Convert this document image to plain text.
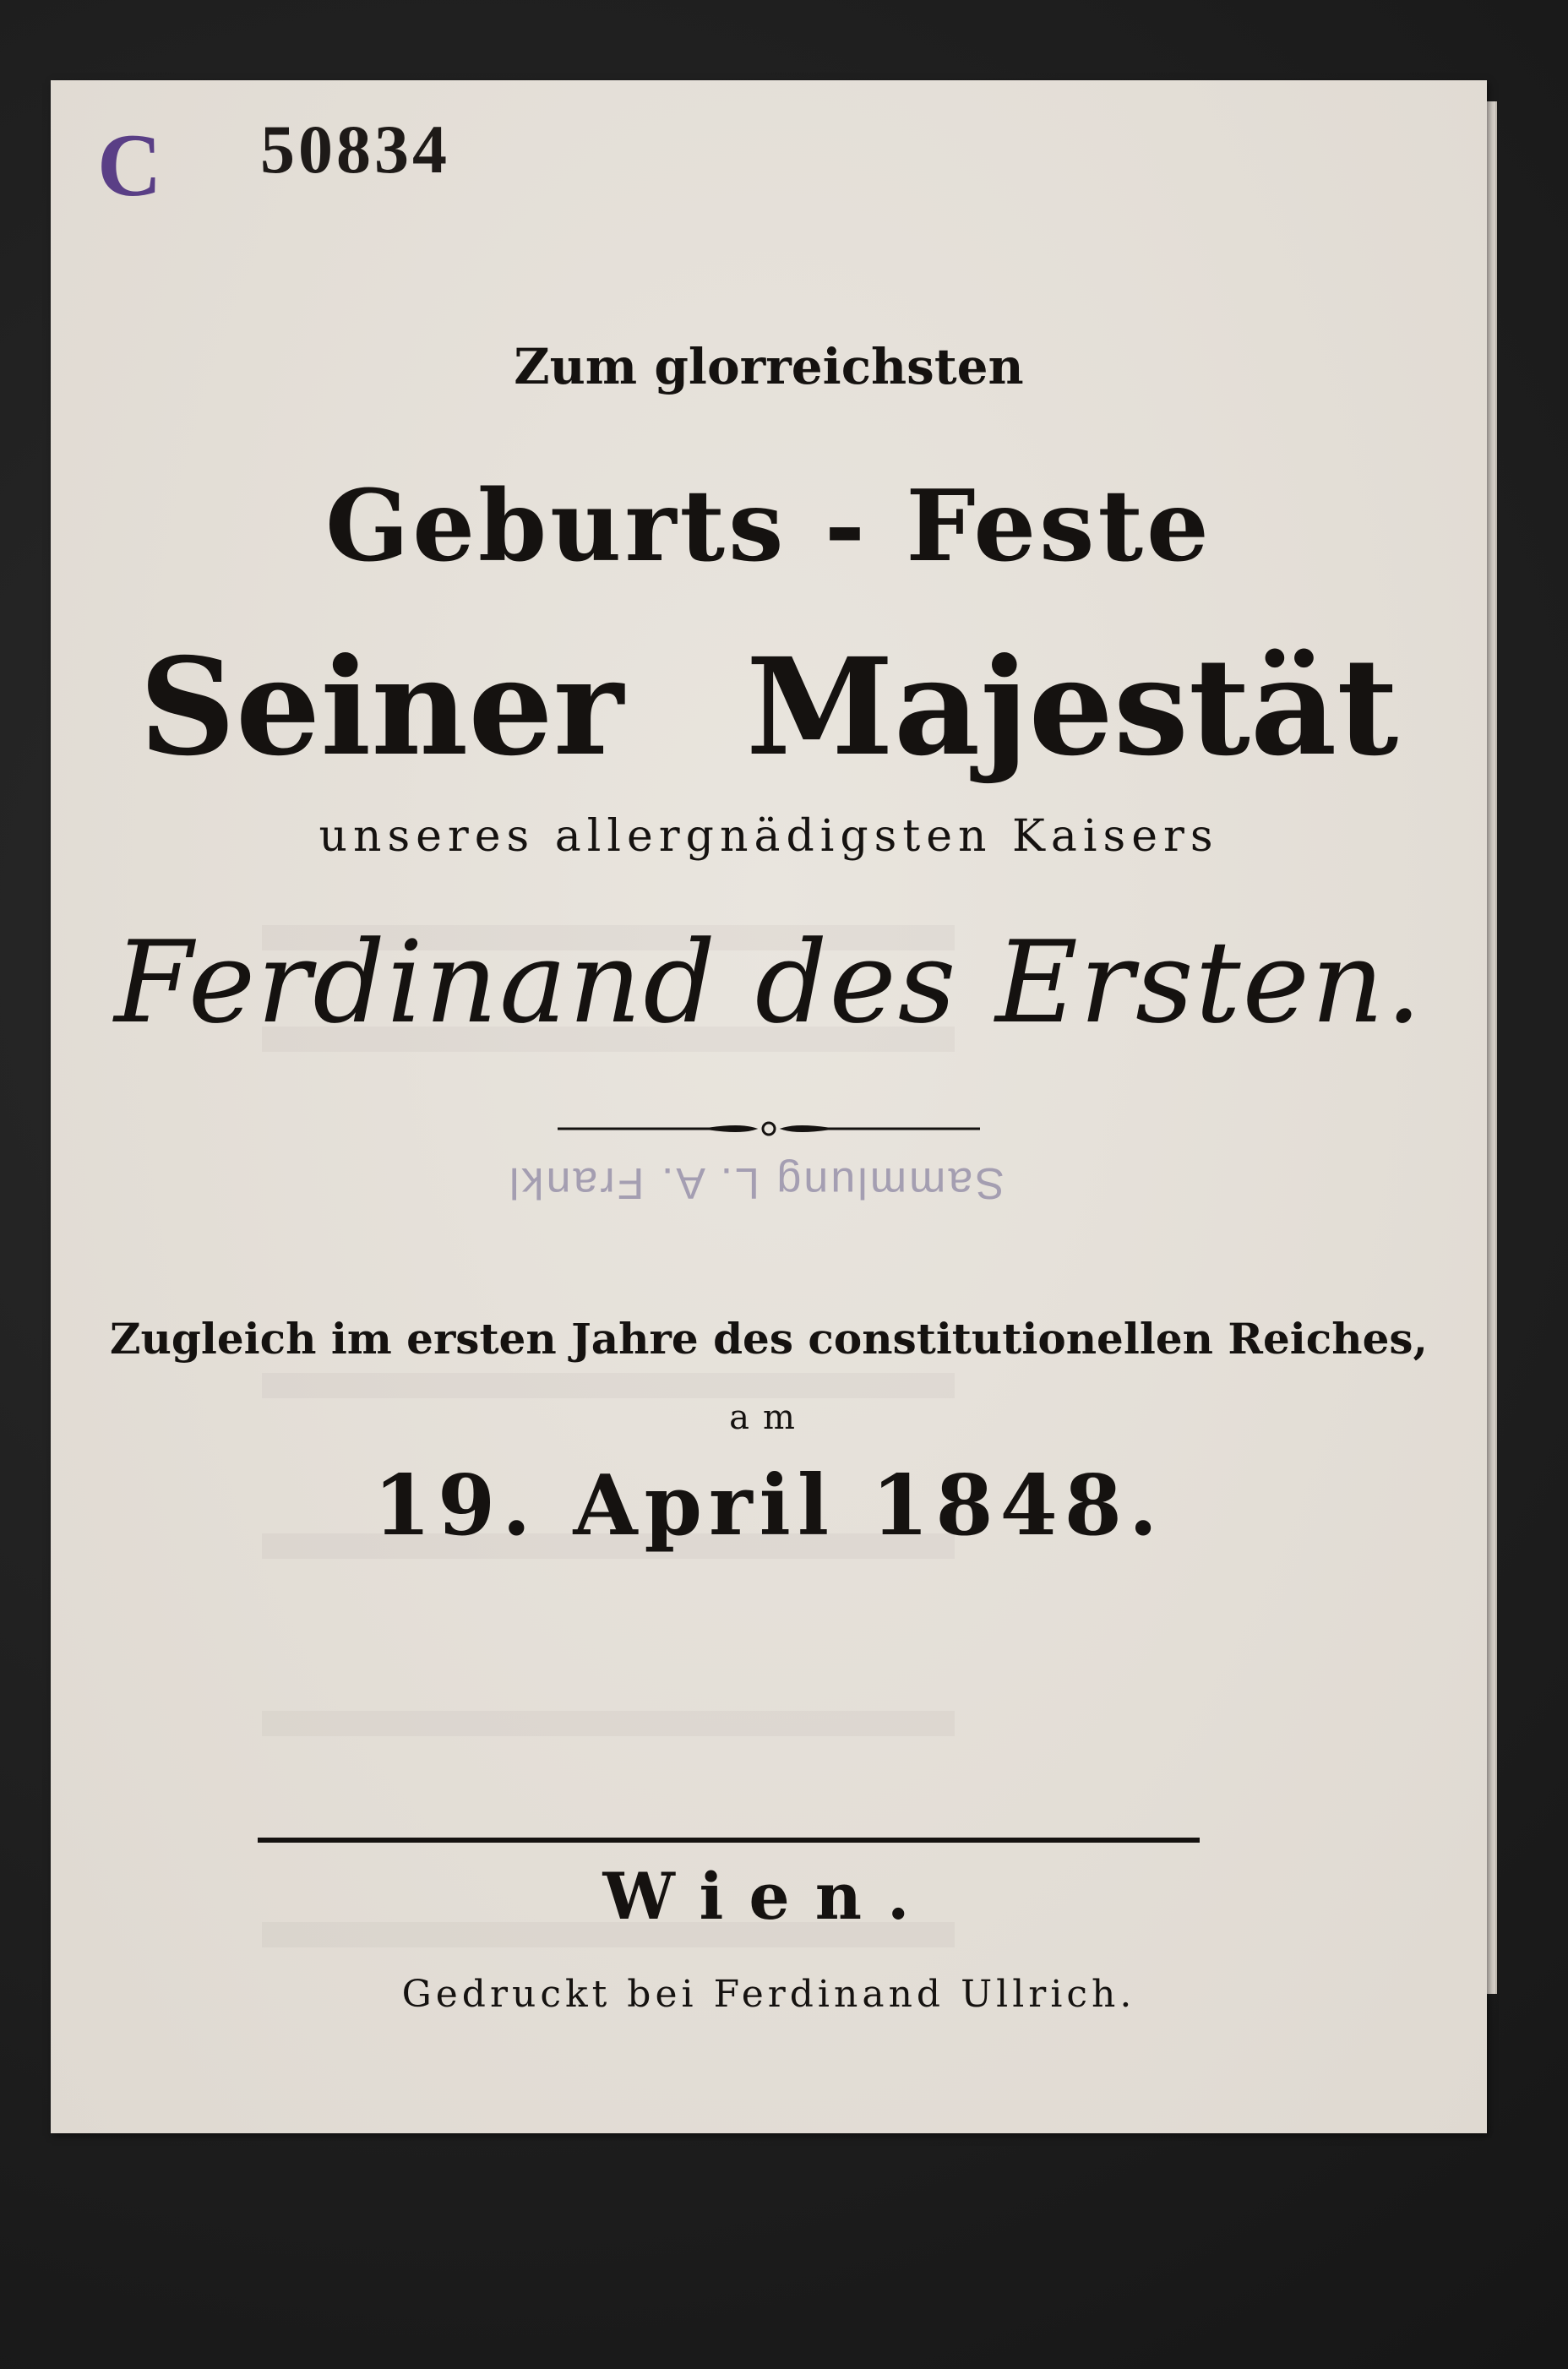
C 50834
Zum glorreichsten
Geburts - Feste
Seiner Majestät
unseres allergnädigsten Kaisers
Ferdinand des Ersten.
Sammlung L. A. Frankl
Zugleich im ersten Jahre des constitutionellen Reiches,
am
19. April 1848.
Wien.
Gedruckt bei Ferdinand Ullrich.
